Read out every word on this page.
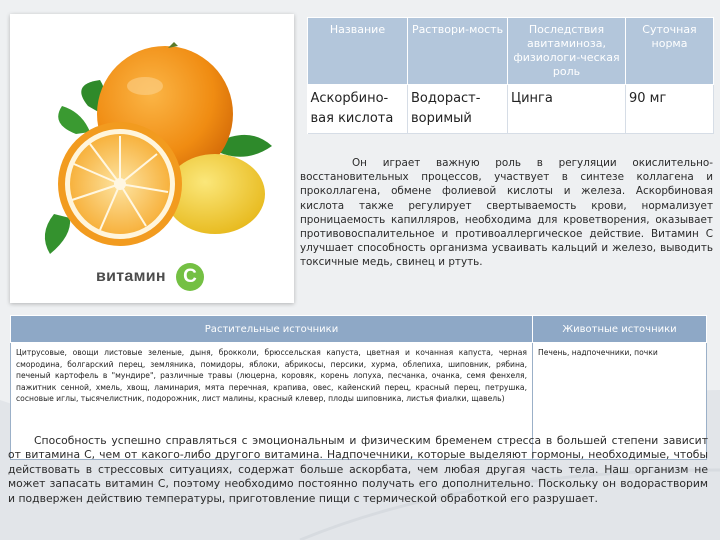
витамин С
Название	Раствори-мость	Последствия авитаминоза, физиологи-ческая роль	Суточная норма
Аскорбино-вая кислота	Водораст-воримый	Цинга	90 мг

Он играет важную роль в регуляции окислительно-восстановительных процессов, участвует в синтезе коллагена и проколлагена, обмене фолиевой кислоты и железа. Аскорбиновая кислота также регулирует свертываемость крови, нормализует проницаемость капилляров, необходима для кроветворения, оказывает противовоспалительное и противоаллергическое действие. Витамин С улучшает способность организма усваивать кальций и железо, выводить токсичные медь, свинец и ртуть.

Растительные источники	Животные источники
Цитрусовые, овощи листовые зеленые, дыня, брокколи, брюссельская капуста, цветная и кочанная капуста, черная смородина, болгарский перец, земляника, помидоры, яблоки, абрикосы, персики, хурма, облепиха, шиповник, рябина, печеный картофель в "мундире", различные травы (люцерна, коровяк, корень лопуха, песчанка, очанка, семя фенхеля, пажитник сенной, хмель, хвощ, ламинария, мята перечная, крапива, овес, кайенский перец, красный перец, петрушка, сосновые иглы, тысячелистник, подорожник, лист малины, красный клевер, плоды шиповника, листья фиалки, щавель)	Печень, надпочечники, почки

Способность успешно справляться с эмоциональным и физическим бременем стресса в большей степени зависит от витамина С, чем от какого-либо другого витамина. Надпочечники, которые выделяют гормоны, необходимые, чтобы действовать в стрессовых ситуациях, содержат больше аскорбата, чем любая другая часть тела. Наш организм не может запасать витамин С, поэтому необходимо постоянно получать его дополнительно. Поскольку он водорастворим и подвержен действию температуры, приготовление пищи с термической обработкой его разрушает.
